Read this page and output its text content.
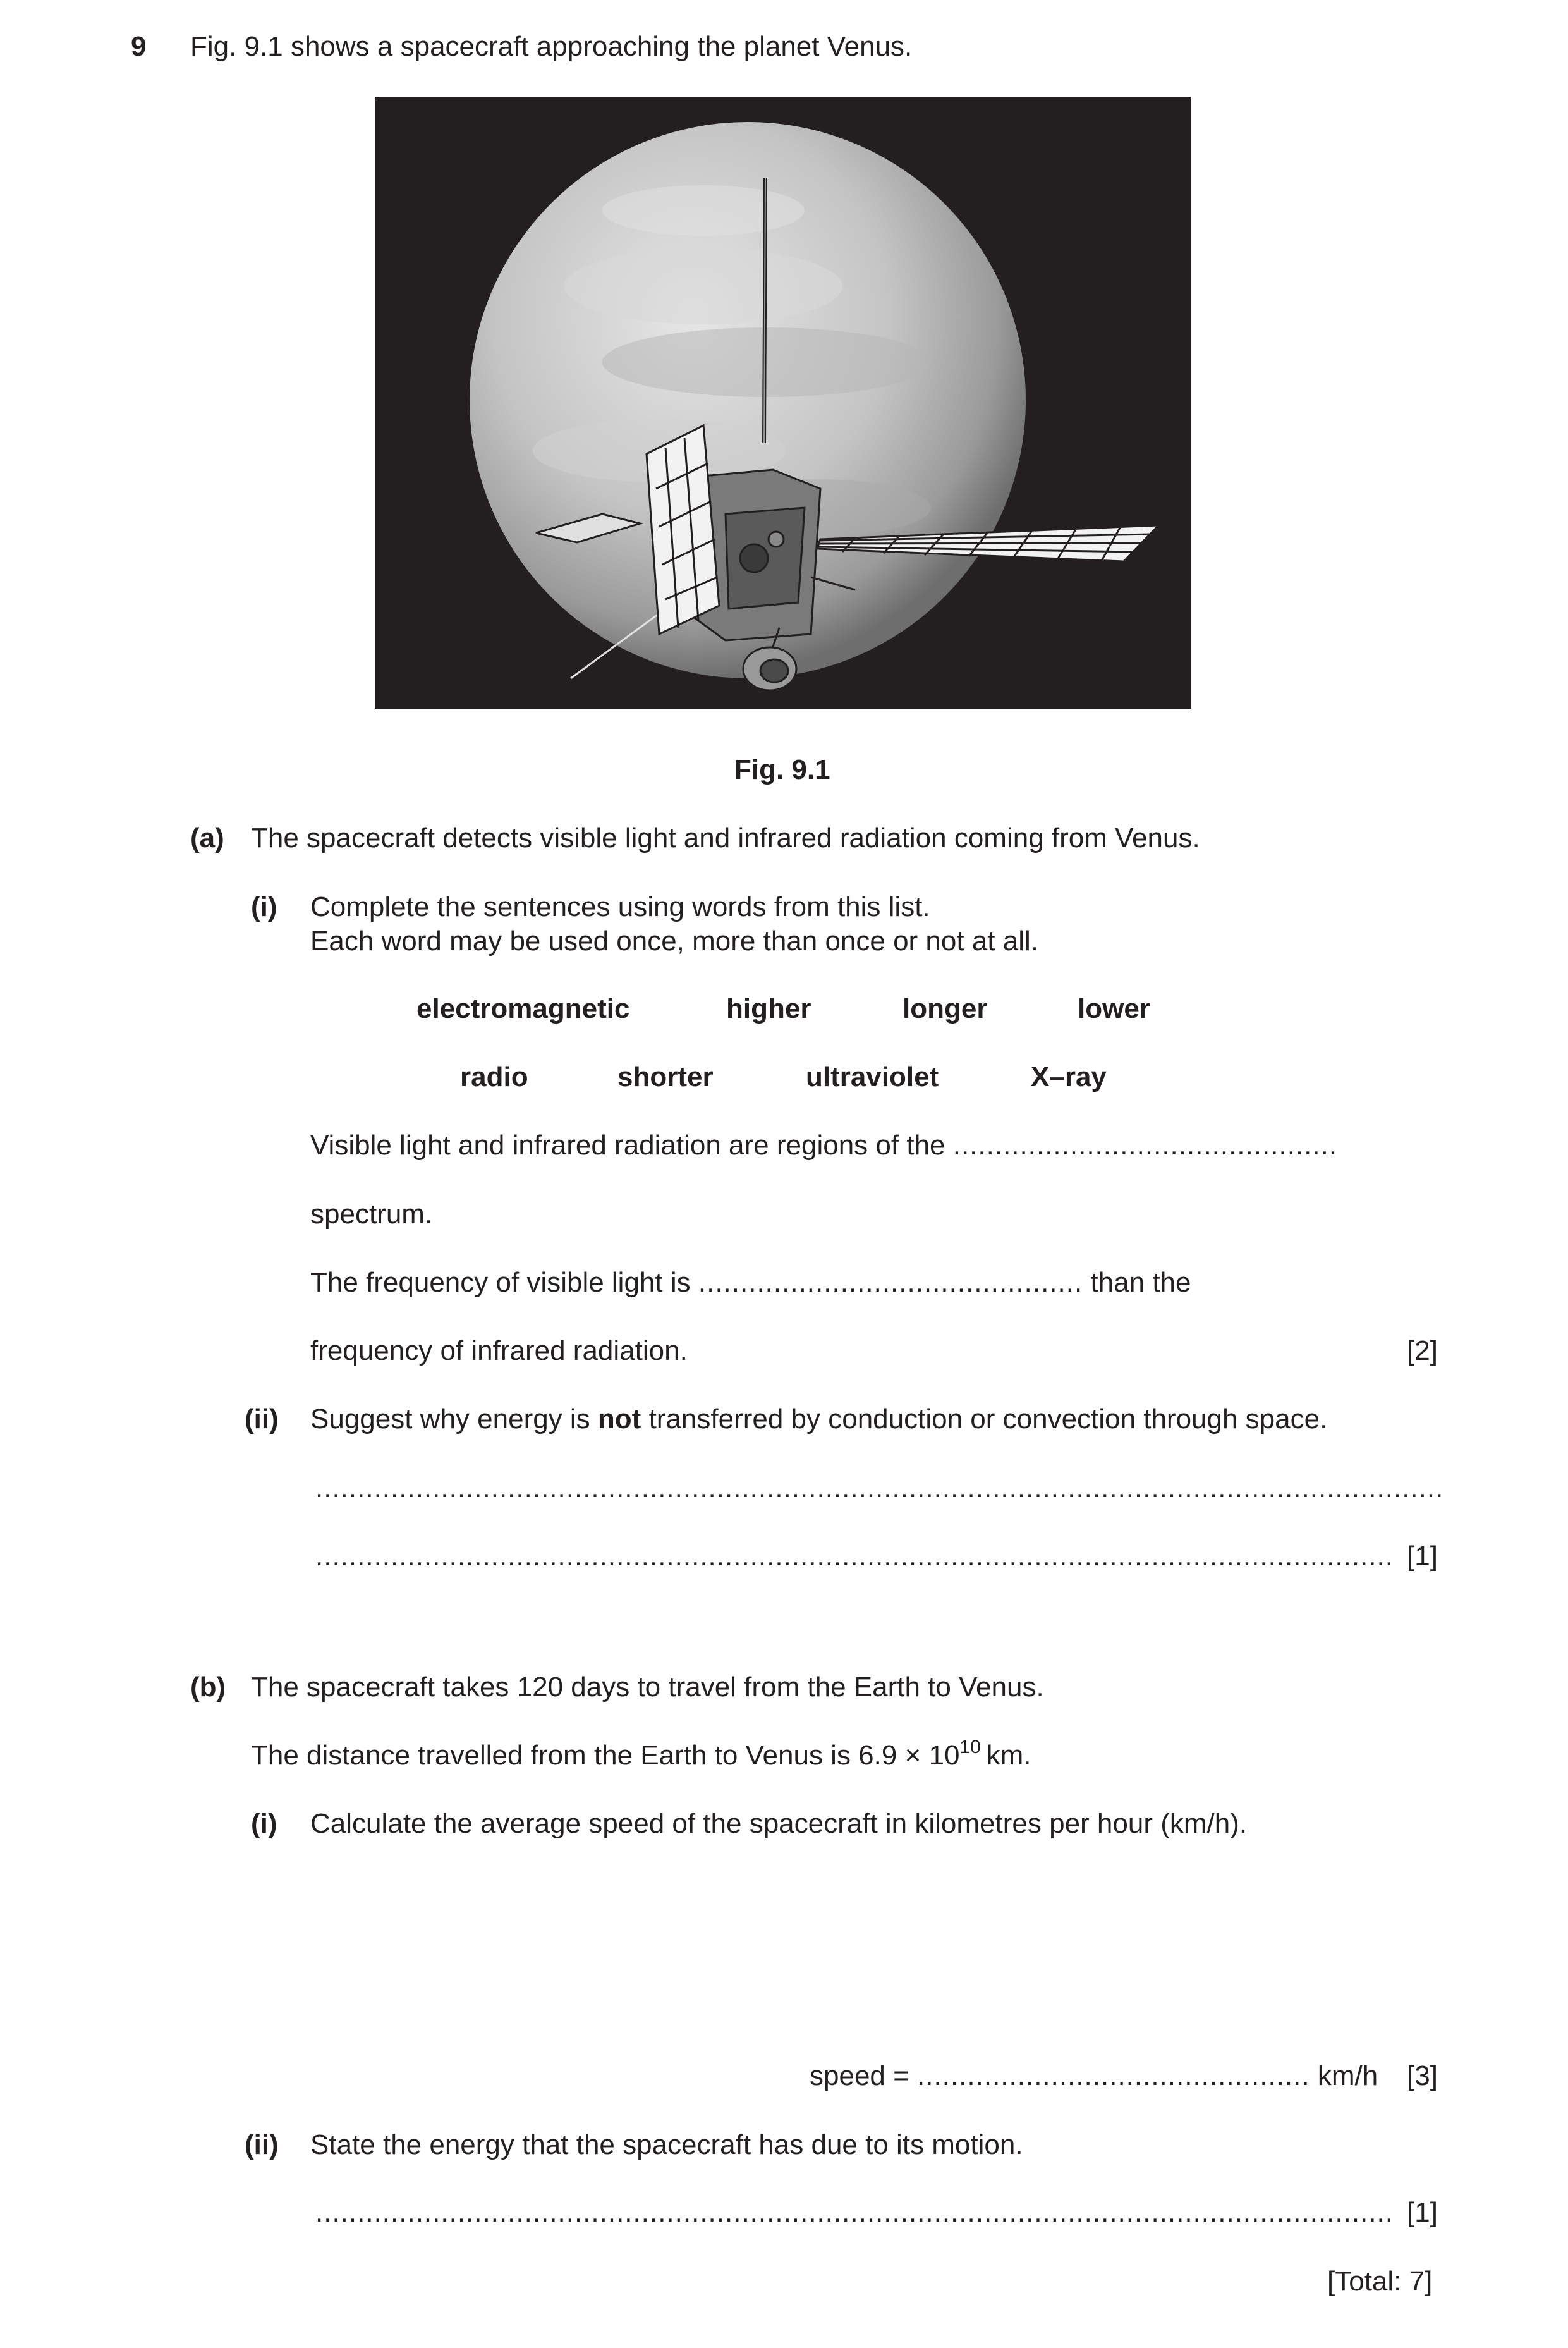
9 Fig. 9.1 shows a spacecraft approaching the planet Venus.
Fig. 9.1
(a) The spacecraft detects visible light and infrared radiation coming from Venus.
(i) Complete the sentences using words from this list.
Each word may be used once, more than once or not at all.
electromagnetic	higher	longer	lower
radio	shorter	ultraviolet	X–ray
Visible light and infrared radiation are regions of the ..............................................
spectrum.
The frequency of visible light is .............................................. than the
frequency of infrared radiation.	[2]
(ii) Suggest why energy is not transferred by conduction or convection through space.
.......................................................................................................................................
................................................................................................................................. [1]
(b) The spacecraft takes 120 days to travel from the Earth to Venus.
The distance travelled from the Earth to Venus is $6.9 \times 10^{10}$  km.
(i) Calculate the average speed of the spacecraft in kilometres per hour (km/h).
speed = ............................................... km/h [3]
(ii) State the energy that the spacecraft has due to its motion.
................................................................................................................................. [1]
[Total: 7]
